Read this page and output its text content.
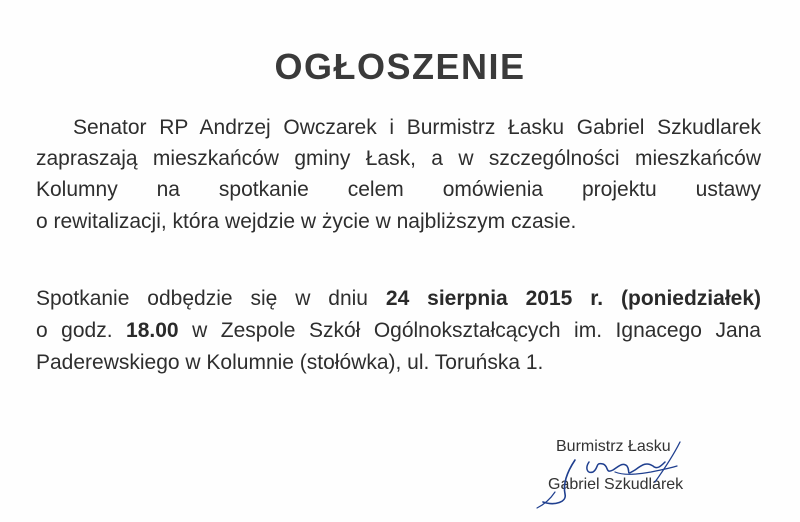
OGŁOSZENIE
Senator RP Andrzej Owczarek i Burmistrz Łasku Gabriel Szkudlarek
zapraszają mieszkańców gminy Łask, a w szczególności mieszkańców
Kolumny na spotkanie celem omówienia projektu ustawy
o rewitalizacji, która wejdzie w życie w najbliższym czasie.
Spotkanie odbędzie się w dniu 24 sierpnia 2015 r. (poniedziałek)
o godz. 18.00 w Zespole Szkół Ogólnokształcących im. Ignacego Jana
Paderewskiego w Kolumnie (stołówka), ul. Toruńska 1.
Burmistrz Łasku
Gabriel Szkudlarek
